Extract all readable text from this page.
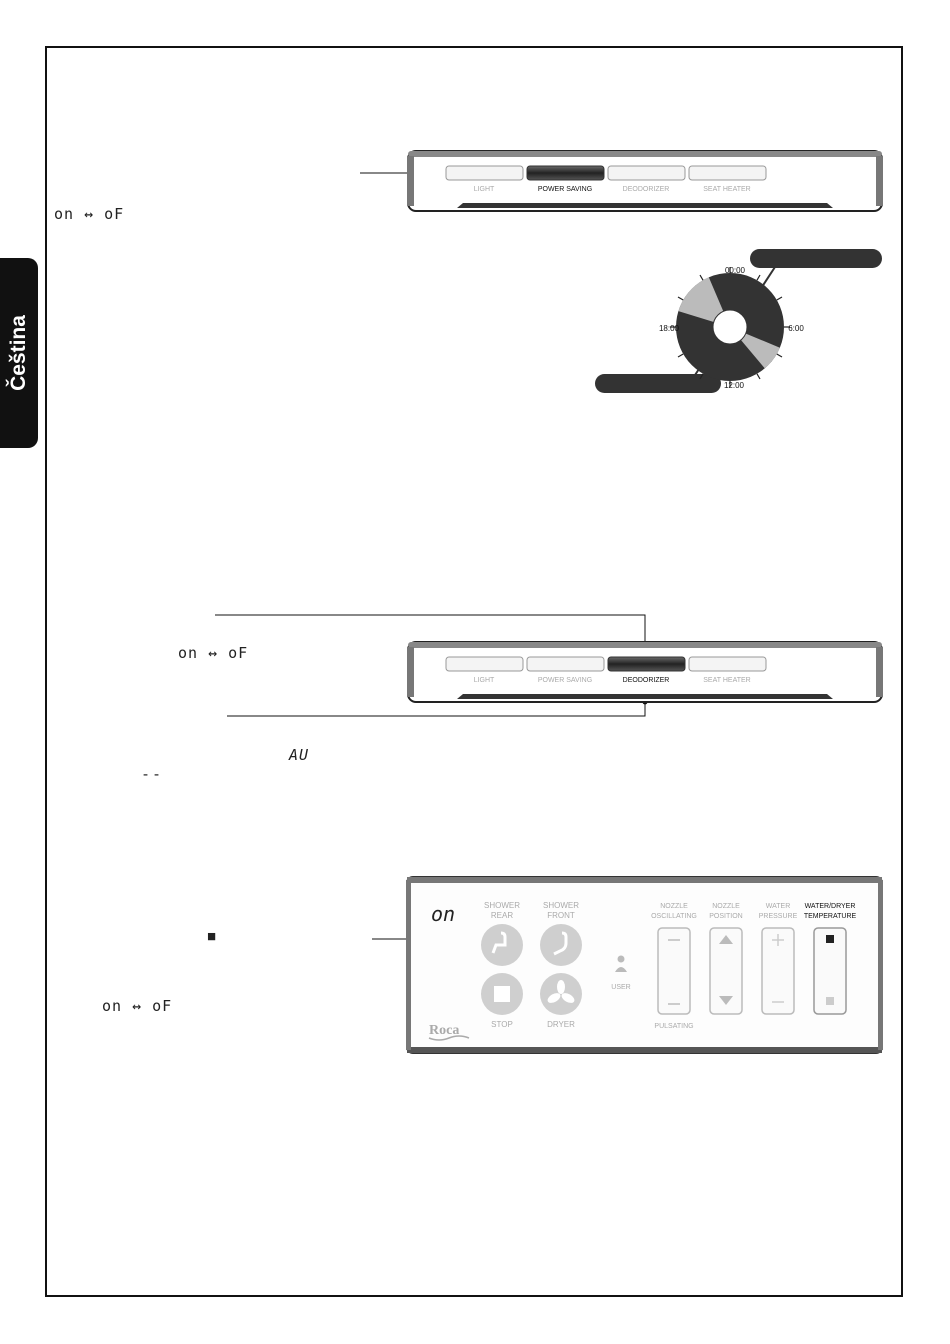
Čeština
on ↔ oF
LIGHT	POWER SAVING	DEODORIZER	SEAT HEATER
00:00
6:00
12:00
18:00
on ↔ oF
LIGHT	POWER SAVING	DEODORIZER	SEAT HEATER
AU
--
■
on ↔ oF
on	SHOWER
REAR
SHOWER
FRONT
STOP	DRYER
USER
NOZZLE
OSCILLATING
PULSATING
NOZZLE
POSITION
WATER
PRESSURE
WATER/DRYER
TEMPERATURE
Roca
